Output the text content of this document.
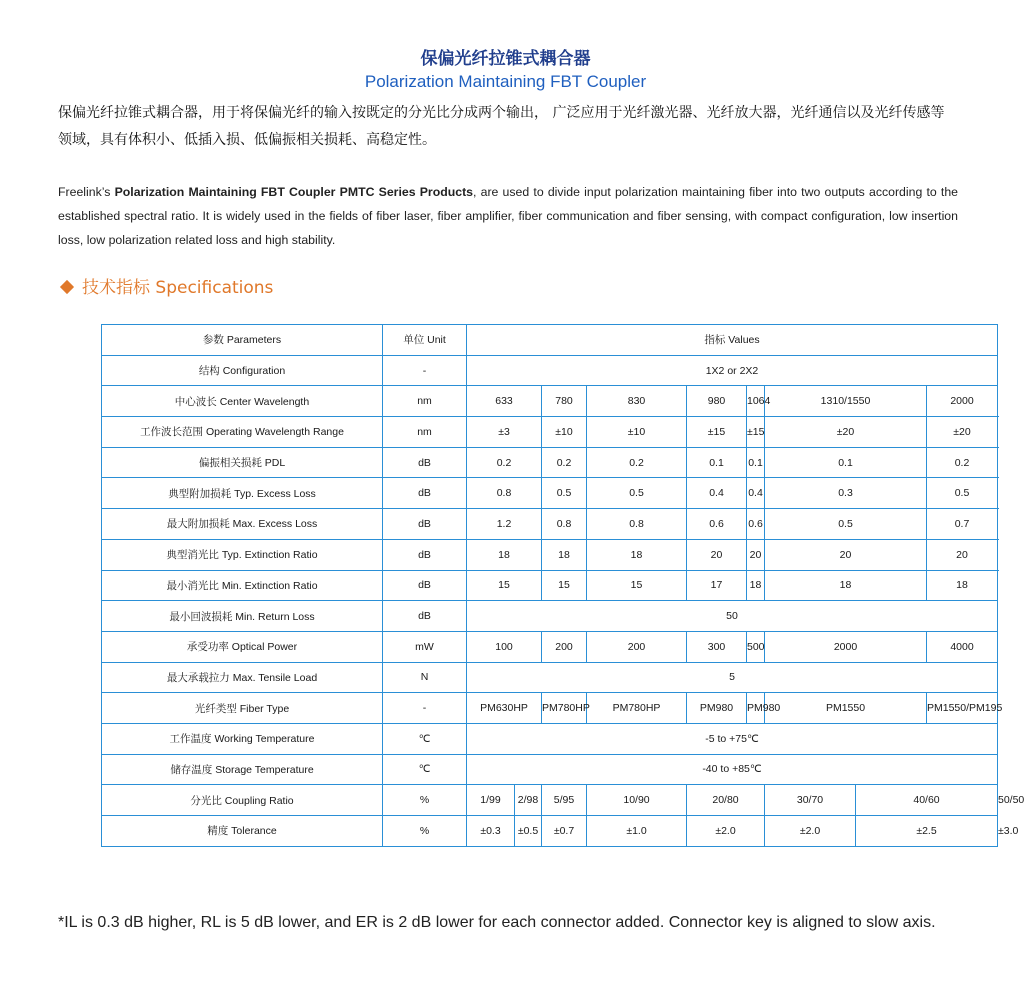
保偏光纤拉锥式耦合器
Polarization Maintaining FBT Coupler
保偏光纤拉锥式耦合器，用于将保偏光纤的输入按既定的分光比分成两个输出， 广泛应用于光纤激光器、光纤放大器，光纤通信以及光纤传感等领域，具有体积小、低插入损、低偏振相关损耗、高稳定性。
Freelink’s Polarization Maintaining FBT Coupler PMTC Series Products, are used to divide input polarization maintaining fiber into two outputs according to the established spectral ratio. It is widely used in the fields of fiber laser, fiber amplifier, fiber communication and fiber sensing, with compact configuration, low insertion loss, low polarization related loss and high stability.
技术指标 Specifications
参数 Parameters	单位 Unit	指标 Values									
结构 Configuration	-	1X2 or 2X2									
中心波长 Center Wavelength	nm	633		780	830	980	1064	1310/1550		2000	
工作波长范围 Operating Wavelength Range	nm	±3		±10	±10	±15	±15	±20		±20	
偏振相关损耗 PDL	dB	0.2		0.2	0.2	0.1	0.1	0.1		0.2	
典型附加损耗 Typ. Excess Loss	dB	0.8		0.5	0.5	0.4	0.4	0.3		0.5	
最大附加损耗 Max. Excess Loss	dB	1.2		0.8	0.8	0.6	0.6	0.5		0.7	
典型消光比 Typ. Extinction Ratio	dB	18		18	18	20	20	20		20	
最小消光比 Min. Extinction Ratio	dB	15		15	15	17	18	18		18	
最小回波损耗 Min. Return Loss	dB	50									
承受功率 Optical Power	mW	100		200	200	300	500	2000		4000	
最大承载拉力 Max. Tensile Load	N	5									
光纤类型 Fiber Type	-	PM630HP		PM780HP	PM780HP	PM980	PM980	PM1550		PM1550/PM195	
工作温度 Working Temperature	℃	-5 to +75℃									
储存温度 Storage Temperature	℃	-40 to +85℃									
分光比 Coupling Ratio	%	1/99	2/98	5/95	10/90	20/80		30/70	40/60		50/50
精度 Tolerance	%	±0.3	±0.5	±0.7	±1.0	±2.0		±2.0	±2.5		±3.0
*IL is 0.3 dB higher, RL is 5 dB lower, and ER is 2 dB lower for each connector added. Connector key is aligned to slow axis.
